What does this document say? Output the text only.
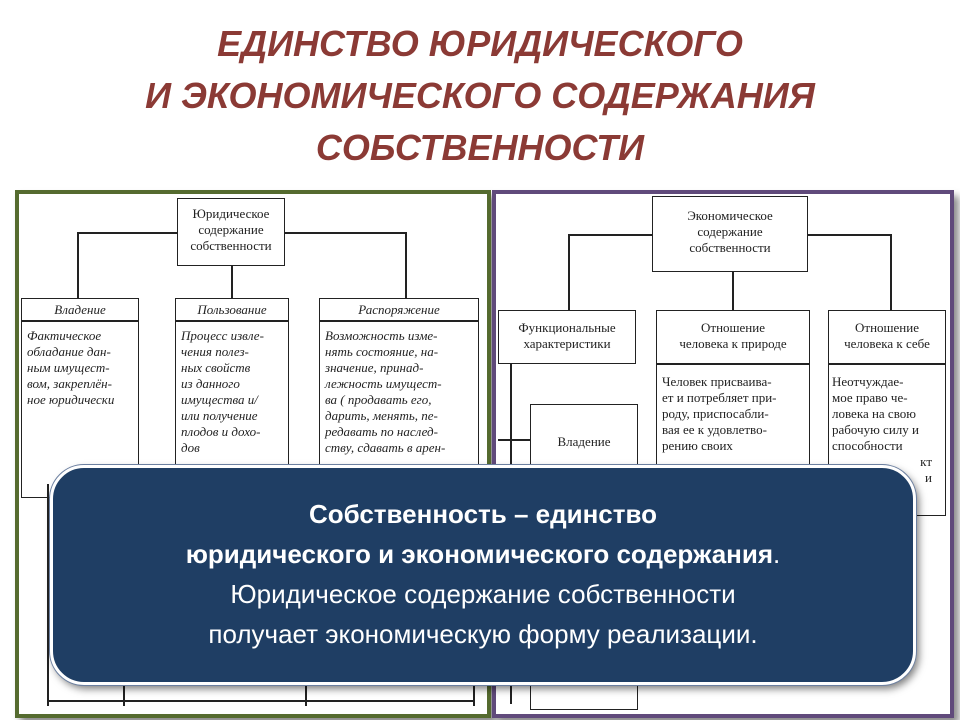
ЕДИНСТВО ЮРИДИЧЕСКОГО
И ЭКОНОМИЧЕСКОГО СОДЕРЖАНИЯ
СОБСТВЕННОСТИ
Юридическое
содержание
собственности
Владение
Фактическое
обладание дан-
ным имущест-
вом, закреплён-
ное юридически
Пользование
Процесс извле-
чения полез-
ных свойств
из данного
имущества и/
или получение
плодов и дохо-
дов
Распоряжение
Возможность изме-
нять состояние, на-
значение, принад-
лежность имущест-
ва ( продавать его,
дарить, менять, пе-
редавать по наслед-
ству, сдавать в арен-
Экономическое
содержание
собственности
Функциональные
характеристики
Владение
Отношение
человека к природе
Человек присваива-
ет и потребляет при-
роду, приспосабли-
вая ее к удовлетво-
рению своих
Отношение
человека к себе
Неотчуждае-
мое право че-
ловека на свою
рабочую силу и
способности
кт
и
Собственность – единство
юридического и экономического содержания.
Юридическое содержание собственности
получает экономическую форму реализации.
